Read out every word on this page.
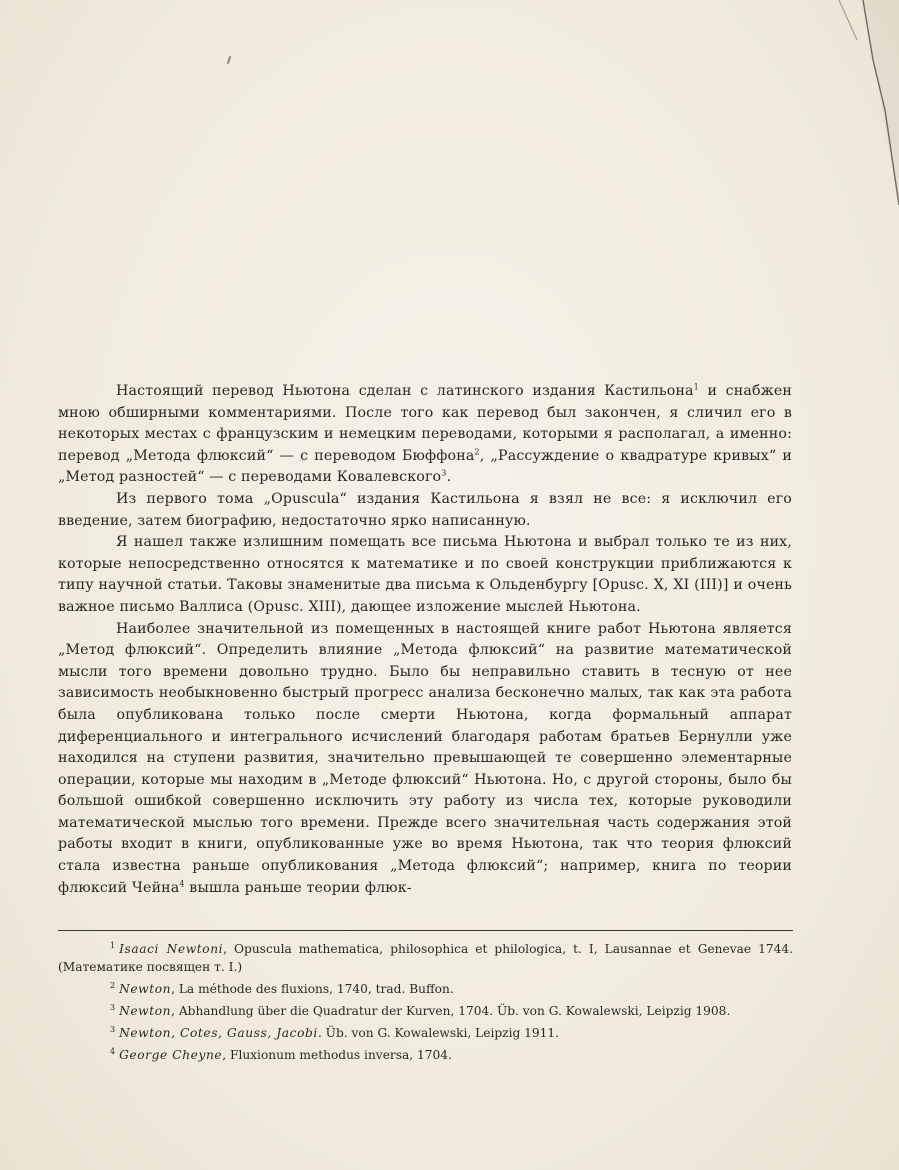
Настоящий перевод Ньютона сделан с латинского издания Кастильона$^1$ и снабжен мною обширными комментариями. После того как перевод был закончен, я сличил его в некоторых местах с французским и немецким переводами, которыми я располагал, а именно: перевод „Метода флюксий“ — с переводом Бюффона$^2$, „Рассуждение о квадратуре кривых“ и „Метод разностей“ — с переводами Ковалевского$^3$.

Из первого тома „Opuscula“ издания Кастильона я взял не все: я исключил его введение, затем биографию, недостаточно ярко написанную.

Я нашел также излишним помещать все письма Ньютона и выбрал только те из них, которые непосредственно относятся к математике и по своей конструкции приближаются к типу научной статьи. Таковы знаменитые два письма к Ольденбургу [Opusc. X, XI (III)] и очень важное письмо Валлиса (Opusc. XIII), дающее изложение мыслей Ньютона.

Наиболее значительной из помещенных в настоящей книге работ Ньютона является „Метод флюксий“. Определить влияние „Метода флюксий“ на развитие математической мысли того времени довольно трудно. Было бы неправильно ставить в тесную от нее зависимость необыкновенно быстрый прогресс анализа бесконечно малых, так как эта работа была опубликована только после смерти Ньютона, когда формальный аппарат диференциального и интегрального исчислений благодаря работам братьев Бернулли уже находился на ступени развития, значительно превышающей те совершенно элементарные операции, которые мы находим в „Методе флюксий“ Ньютона. Но, с другой стороны, было бы большой ошибкой совершенно исключить эту работу из числа тех, которые руководили математической мыслью того времени. Прежде всего значительная часть содержания этой работы входит в книги, опубликованные уже во время Ньютона, так что теория флюксий стала известна раньше опубликования „Метода флюксий“; например, книга по теории флюксий Чейна$^4$ вышла раньше теории флюк-

$^1$ Isaaci Newtoni, Opuscula mathematica, philosophica et philologica, t. I, Lausannae et Genevae 1744. (Математике посвящен т. I.)

$^2$ Newton, La méthode des fluxions, 1740, trad. Buffon.

$^3$ Newton, Abhandlung über die Quadratur der Kurven, 1704. Üb. von G. Kowalewski, Leipzig 1908.

$^3$ Newton, Cotes, Gauss, Jacobi. Üb. von G. Kowalewski, Leipzig 1911.

$^4$ George Cheyne, Fluxionum methodus inversa, 1704.
